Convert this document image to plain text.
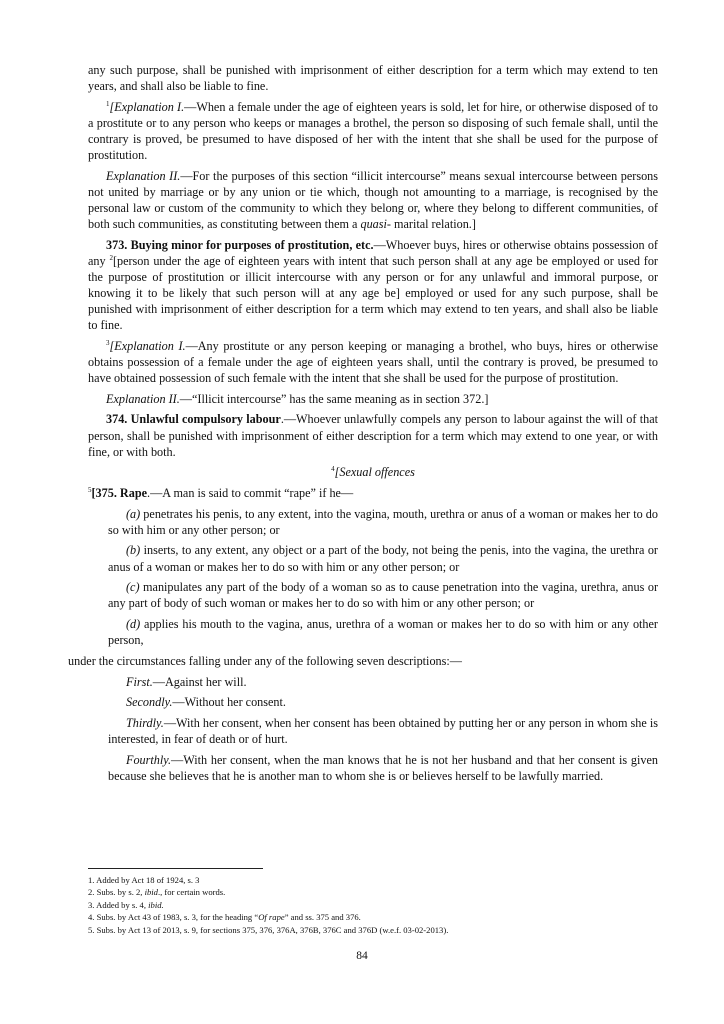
any such purpose, shall be punished with imprisonment of either description for a term which may extend to ten years, and shall also be liable to fine.

$^1$[Explanation I.—When a female under the age of eighteen years is sold, let for hire, or otherwise disposed of to a prostitute or to any person who keeps or manages a brothel, the person so disposing of such female shall, until the contrary is proved, be presumed to have disposed of her with the intent that she shall be used for the purpose of prostitution.

Explanation II.—For the purposes of this section “illicit intercourse” means sexual intercourse between persons not united by marriage or by any union or tie which, though not amounting to a marriage, is recognised by the personal law or custom of the community to which they belong or, where they belong to different communities, of both such communities, as constituting between them a quasi- marital relation.]

373. Buying minor for purposes of prostitution, etc.—Whoever buys, hires or otherwise obtains possession of any $^2$[person under the age of eighteen years with intent that such person shall at any age be employed or used for the purpose of prostitution or illicit intercourse with any person or for any unlawful and immoral purpose, or knowing it to be likely that such person will at any age be] employed or used for any such purpose, shall be punished with imprisonment of either description for a term which may extend to ten years, and shall also be liable to fine.

$^3$[Explanation I.—Any prostitute or any person keeping or managing a brothel, who buys, hires or otherwise obtains possession of a female under the age of eighteen years shall, until the contrary is proved, be presumed to have obtained possession of such female with the intent that she shall be used for the purpose of prostitution.

Explanation II.—“Illicit intercourse” has the same meaning as in section 372.]

374. Unlawful compulsory labour.—Whoever unlawfully compels any person to labour against the will of that person, shall be punished with imprisonment of either description for a term which may extend to one year, or with fine, or with both.

$^4$[Sexual offences

$^5$[375. Rape.—A man is said to commit “rape” if he—

(a) penetrates his penis, to any extent, into the vagina, mouth, urethra or anus of a woman or makes her to do so with him or any other person; or

(b) inserts, to any extent, any object or a part of the body, not being the penis, into the vagina, the urethra or anus of a woman or makes her to do so with him or any other person; or

(c) manipulates any part of the body of a woman so as to cause penetration into the vagina, urethra, anus or any part of body of such woman or makes her to do so with him or any other person; or

(d) applies his mouth to the vagina, anus, urethra of a woman or makes her to do so with him or any other person,

under the circumstances falling under any of the following seven descriptions:—

First.—Against her will.

Secondly.—Without her consent.

Thirdly.—With her consent, when her consent has been obtained by putting her or any person in whom she is interested, in fear of death or of hurt.

Fourthly.—With her consent, when the man knows that he is not her husband and that her consent is given because she believes that he is another man to whom she is or believes herself to be lawfully married.

1. Added by Act 18 of 1924, s. 3
2. Subs. by s. 2, ibid., for certain words.
3. Added by s. 4, ibid.
4. Subs. by Act 43 of 1983, s. 3, for the heading “Of rape” and ss. 375 and 376.
5. Subs. by Act 13 of 2013, s. 9, for sections 375, 376, 376A, 376B, 376C and 376D (w.e.f. 03-02-2013).
84
